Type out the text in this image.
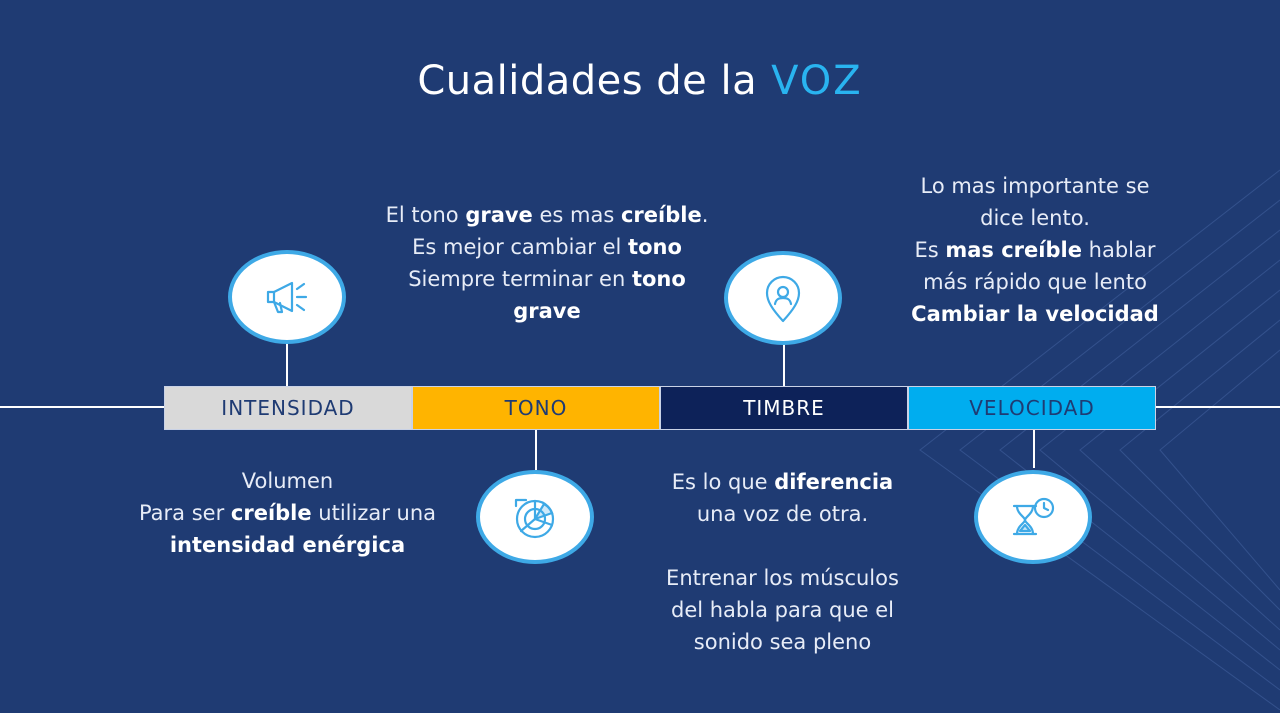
Cualidades de la VOZ
INTENSIDAD	TONO	TIMBRE	VELOCIDAD
El tono grave es mas creíble.
Es mejor cambiar el tono
Siempre terminar en tono
grave
Lo mas importante se
dice lento.
Es mas creíble hablar
más rápido que lento
Cambiar la velocidad
Volumen
Para ser creíble utilizar una
intensidad enérgica
Es lo que diferencia
una voz de otra.
Entrenar los músculos
del habla para que el
sonido sea pleno
